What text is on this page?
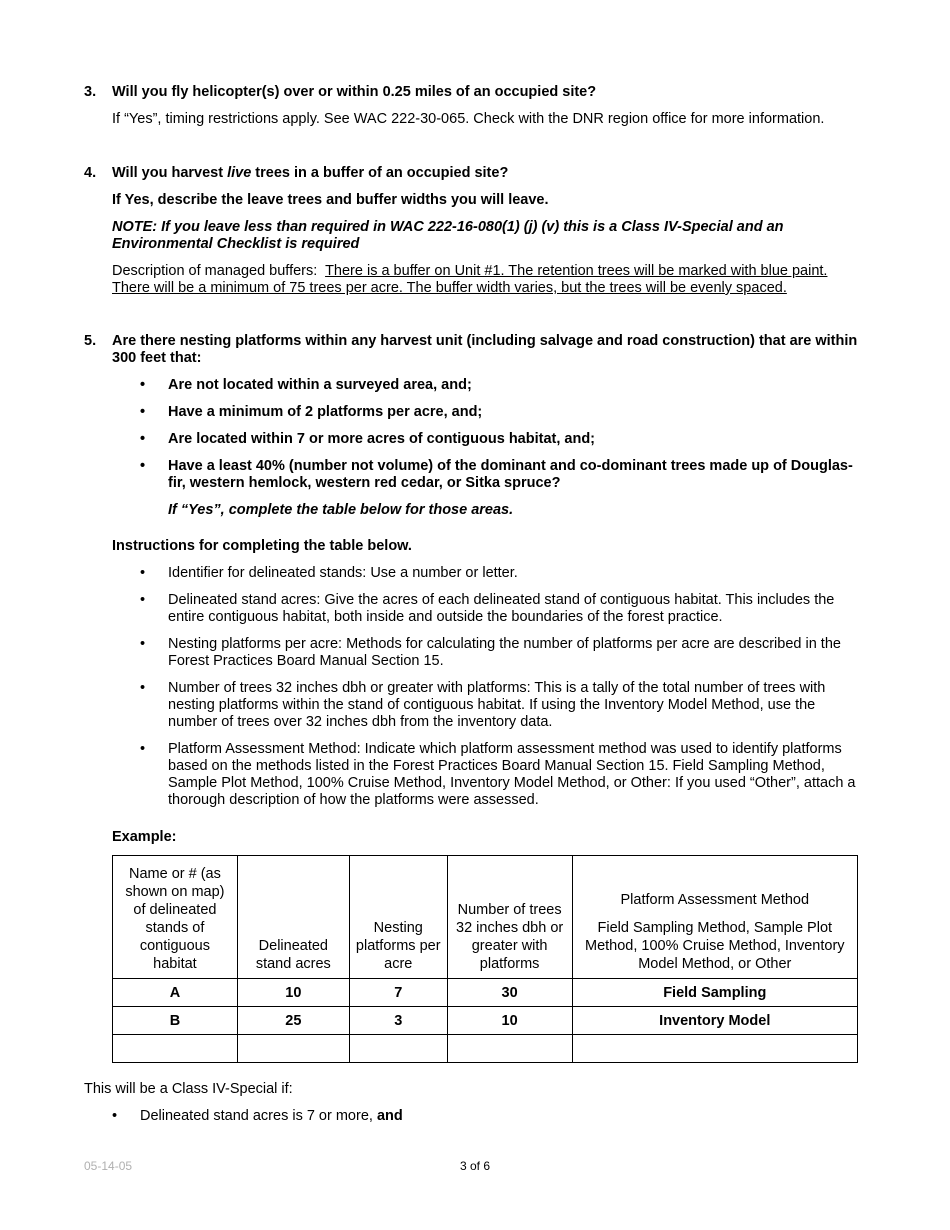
3. Will you fly helicopter(s) over or within 0.25 miles of an occupied site?

If “Yes”, timing restrictions apply. See WAC 222-30-065. Check with the DNR region office for more information.

4. Will you harvest live trees in a buffer of an occupied site?

If Yes, describe the leave trees and buffer widths you will leave.

NOTE: If you leave less than required in WAC 222-16-080(1) (j) (v) this is a Class IV-Special and an Environmental Checklist is required

Description of managed buffers: There is a buffer on Unit #1. The retention trees will be marked with blue paint. There will be a minimum of 75 trees per acre. The buffer width varies, but the trees will be evenly spaced.

5. Are there nesting platforms within any harvest unit (including salvage and road construction) that are within 300 feet that:

• Are not located within a surveyed area, and;
• Have a minimum of 2 platforms per acre, and;
• Are located within 7 or more acres of contiguous habitat, and;
• Have a least 40% (number not volume) of the dominant and co-dominant trees made up of Douglas-fir, western hemlock, western red cedar, or Sitka spruce?

If “Yes”, complete the table below for those areas.

Instructions for completing the table below.

• Identifier for delineated stands: Use a number or letter.
• Delineated stand acres: Give the acres of each delineated stand of contiguous habitat. This includes the entire contiguous habitat, both inside and outside the boundaries of the forest practice.
• Nesting platforms per acre: Methods for calculating the number of platforms per acre are described in the Forest Practices Board Manual Section 15.
• Number of trees 32 inches dbh or greater with platforms: This is a tally of the total number of trees with nesting platforms within the stand of contiguous habitat. If using the Inventory Model Method, use the number of trees over 32 inches dbh from the inventory data.
• Platform Assessment Method: Indicate which platform assessment method was used to identify platforms based on the methods listed in the Forest Practices Board Manual Section 15. Field Sampling Method, Sample Plot Method, 100% Cruise Method, Inventory Model Method, or Other: If you used “Other”, attach a thorough description of how the platforms were assessed.

Example:

Name or # (as shown on map) of delineated stands of contiguous habitat	Delineated stand acres	Nesting platforms per acre	Number of trees 32 inches dbh or greater with platforms	Platform Assessment Method
Field Sampling Method, Sample Plot Method, 100% Cruise Method, Inventory Model Method, or Other

A	10	7	30	Field Sampling
B	25	3	10	Inventory Model

This will be a Class IV-Special if:

• Delineated stand acres is 7 or more, and
05-14-05	3 of 6
